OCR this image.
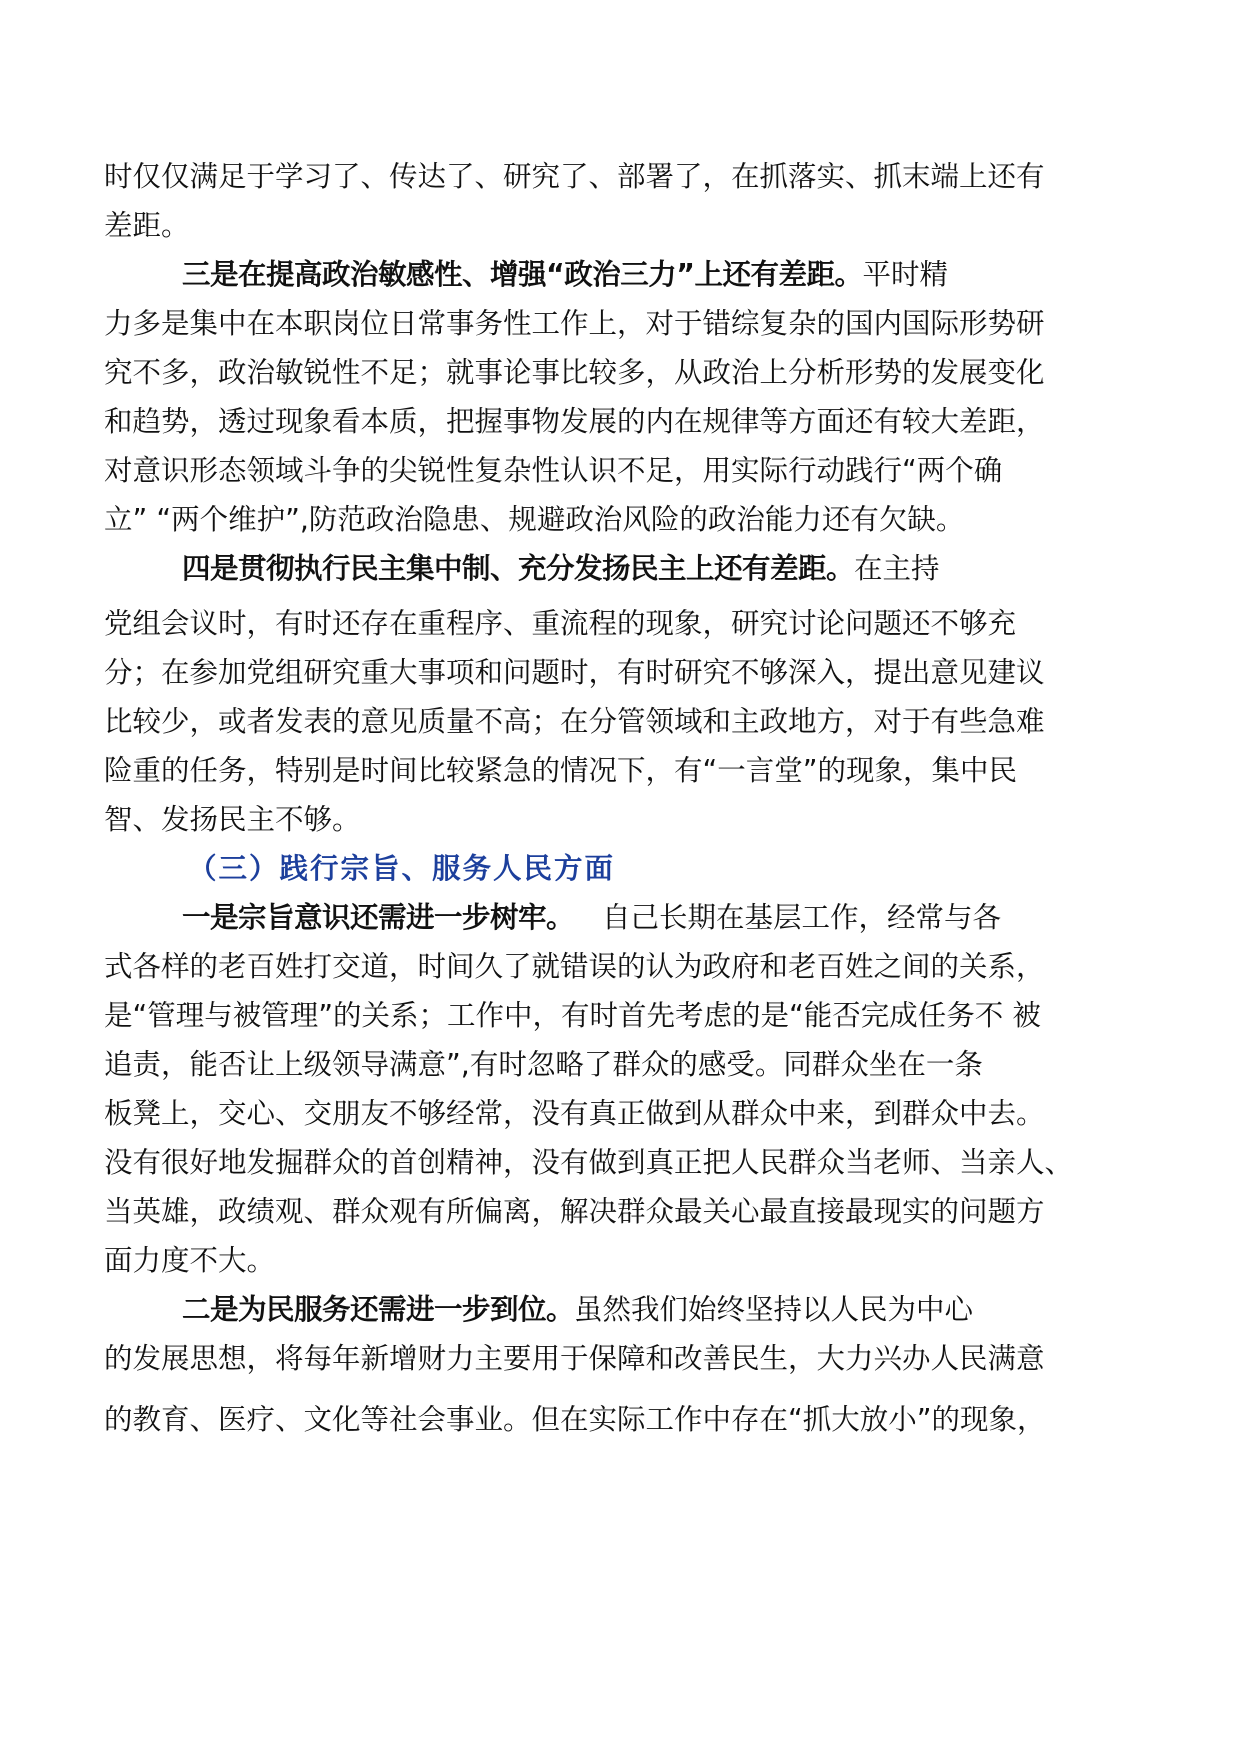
时仅仅满足于学习了、传达了、研究了、部署了，在抓落实、抓末端上还有
差距。
三是在提高政治敏感性、增强“政治三力”上还有差距。平时精
力多是集中在本职岗位日常事务性工作上，对于错综复杂的国内国际形势研
究不多，政治敏锐性不足；就事论事比较多，从政治上分析形势的发展变化
和趋势，透过现象看本质，把握事物发展的内在规律等方面还有较大差距，
对意识形态领域斗争的尖锐性复杂性认识不足，用实际行动践行“两个确
立” “两个维护”,防范政治隐患、规避政治风险的政治能力还有欠缺。
四是贯彻执行民主集中制、充分发扬民主上还有差距。在主持
党组会议时，有时还存在重程序、重流程的现象，研究讨论问题还不够充
分；在参加党组研究重大事项和问题时，有时研究不够深入，提出意见建议
比较少，或者发表的意见质量不高；在分管领域和主政地方，对于有些急难
险重的任务，特别是时间比较紧急的情况下，有“一言堂”的现象，集中民
智、发扬民主不够。
（三）践行宗旨、服务人民方面
一是宗旨意识还需进一步树牢。 自己长期在基层工作，经常与各
式各样的老百姓打交道，时间久了就错误的认为政府和老百姓之间的关系，
是“管理与被管理”的关系；工作中，有时首先考虑的是“能否完成任务不 被
追责，能否让上级领导满意”,有时忽略了群众的感受。同群众坐在一条
板凳上，交心、交朋友不够经常，没有真正做到从群众中来，到群众中去。
没有很好地发掘群众的首创精神，没有做到真正把人民群众当老师、当亲人、
当英雄，政绩观、群众观有所偏离，解决群众最关心最直接最现实的问题方
面力度不大。
二是为民服务还需进一步到位。虽然我们始终坚持以人民为中心
的发展思想，将每年新增财力主要用于保障和改善民生，大力兴办人民满意
的教育、医疗、文化等社会事业。但在实际工作中存在“抓大放小”的现象，
